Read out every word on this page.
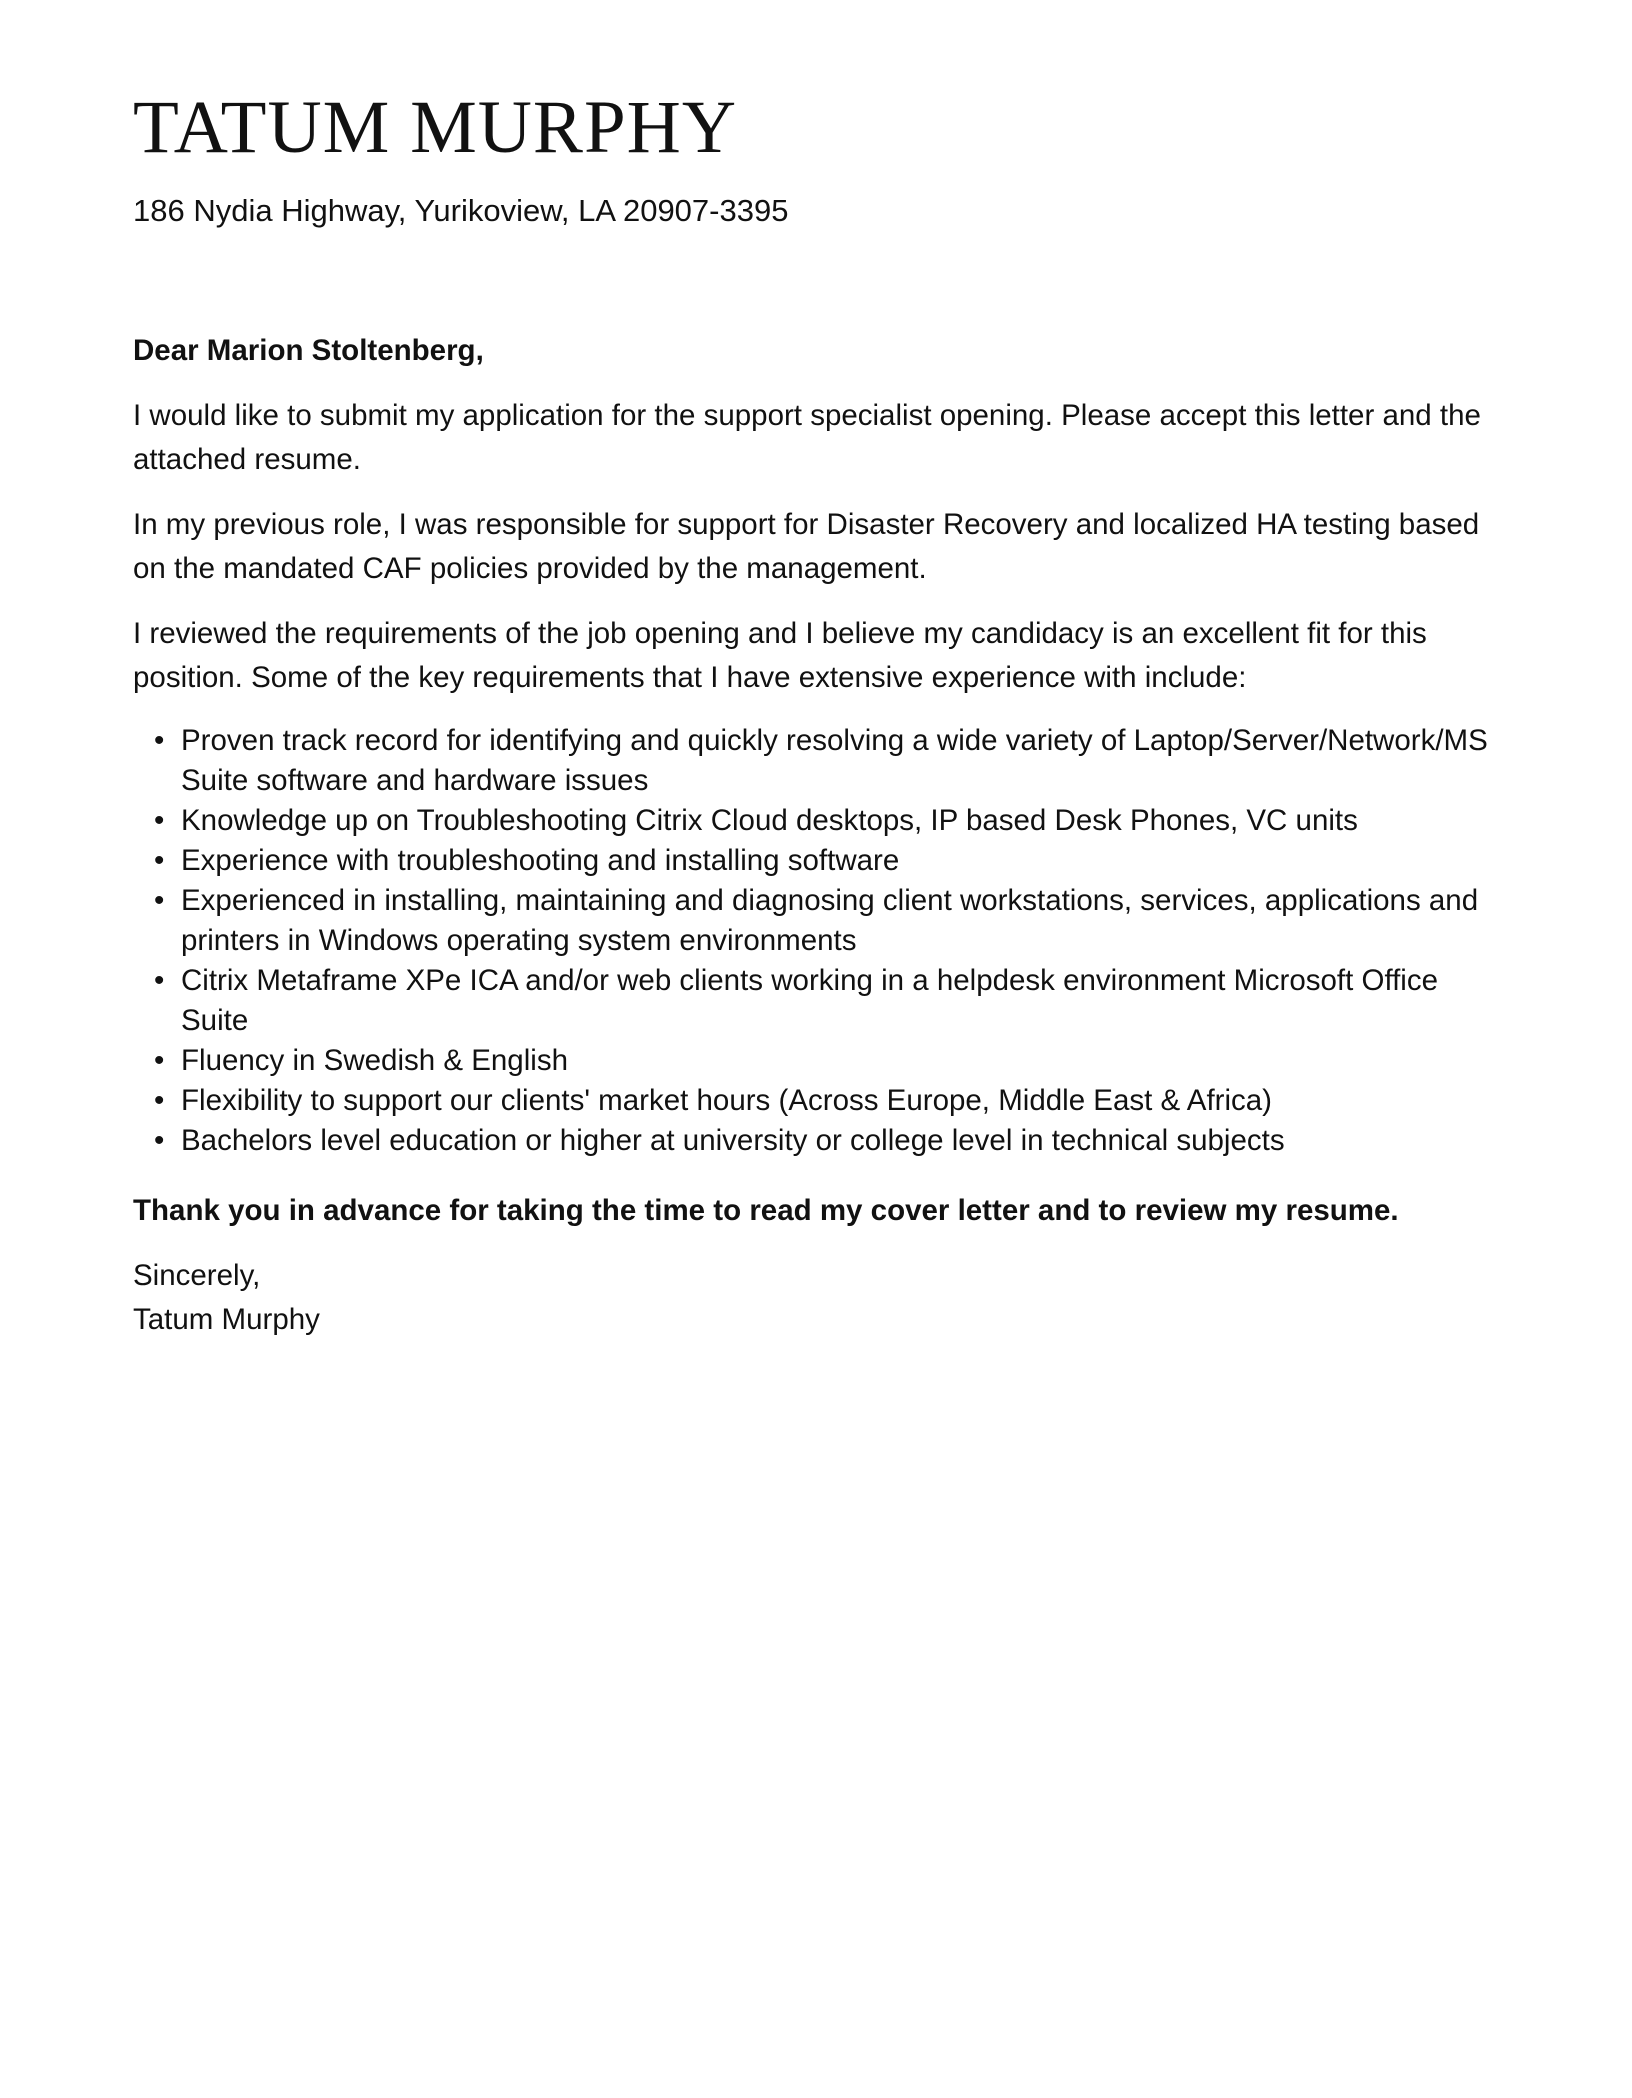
TATUM MURPHY

186 Nydia Highway, Yurikoview, LA 20907-3395

Dear Marion Stoltenberg,

I would like to submit my application for the support specialist opening. Please accept this letter and the attached resume.

In my previous role, I was responsible for support for Disaster Recovery and localized HA testing based on the mandated CAF policies provided by the management.

I reviewed the requirements of the job opening and I believe my candidacy is an excellent fit for this position. Some of the key requirements that I have extensive experience with include:

• Proven track record for identifying and quickly resolving a wide variety of Laptop/Server/Network/MS Suite software and hardware issues
• Knowledge up on Troubleshooting Citrix Cloud desktops, IP based Desk Phones, VC units
• Experience with troubleshooting and installing software
• Experienced in installing, maintaining and diagnosing client workstations, services, applications and printers in Windows operating system environments
• Citrix Metaframe XPe ICA and/or web clients working in a helpdesk environment Microsoft Office Suite
• Fluency in Swedish & English
• Flexibility to support our clients' market hours (Across Europe, Middle East & Africa)
• Bachelors level education or higher at university or college level in technical subjects

Thank you in advance for taking the time to read my cover letter and to review my resume.

Sincerely,
Tatum Murphy
